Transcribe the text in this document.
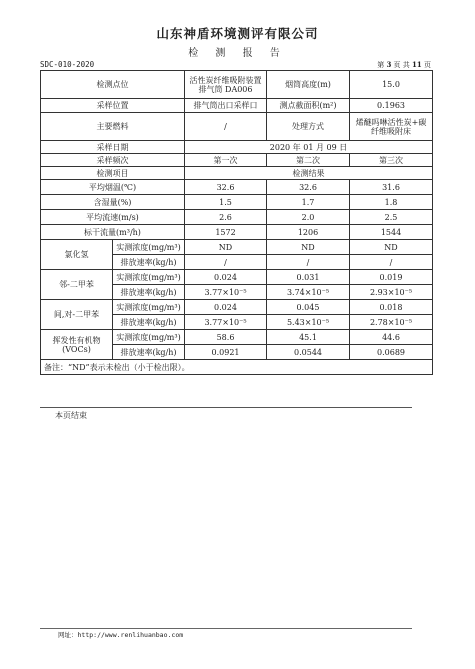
山东神盾环境测评有限公司
检 测 报 告
SDC-010-2020	第 3 页 共 11 页
检测点位		活性炭纤维吸附装置排气筒 DA006	烟筒高度(m)	15.0
采样位置		排气筒出口采样口	测点截面积(m²)	0.1963
主要燃料		/	处理方式	烯醚吗啉活性炭+碳纤维吸附床
采样日期		2020 年 01 月 09 日		
采样频次		第一次	第二次	第三次
检测项目		检测结果		
平均烟温(℃)		32.6	32.6	31.6
含湿量(%)		1.5	1.7	1.8
平均流速(m/s)		2.6	2.0	2.5
标干流量(m³/h)		1572	1206	1544
氯化氢	实测浓度(mg/m³)	ND	ND	ND
	排放速率(kg/h)	/	/	/
邻-二甲苯	实测浓度(mg/m³)	0.024	0.031	0.019
	排放速率(kg/h)	3.77×10⁻⁵	3.74×10⁻⁵	2.93×10⁻⁵
间,对-二甲苯	实测浓度(mg/m³)	0.024	0.045	0.018
	排放速率(kg/h)	3.77×10⁻⁵	5.43×10⁻⁵	2.78×10⁻⁵
挥发性有机物(VOCs)	实测浓度(mg/m³)	58.6	45.1	44.6
	排放速率(kg/h)	0.0921	0.0544	0.0689
备注：“ND”表示未检出（小于检出限）。				
本页结束
网址：http://www.renlihuanbao.com
